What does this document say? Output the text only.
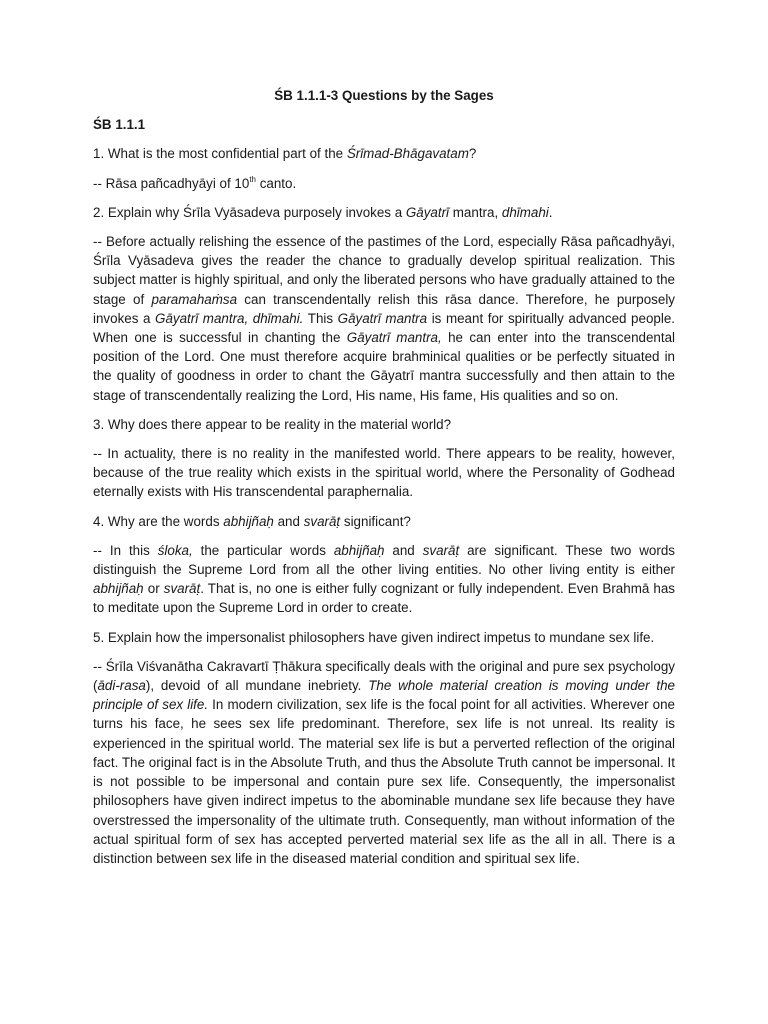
ŚB 1.1.1-3 Questions by the Sages

ŚB 1.1.1

1. What is the most confidential part of the Śrīmad-Bhāgavatam?

-- Rāsa pañcadhyāyi of 10th canto.

2. Explain why Śrīla Vyāsadeva purposely invokes a Gāyatrī mantra, dhīmahi.

-- Before actually relishing the essence of the pastimes of the Lord, especially Rāsa pañcadhyāyi, Śrīla Vyāsadeva gives the reader the chance to gradually develop spiritual realization. This subject matter is highly spiritual, and only the liberated persons who have gradually attained to the stage of paramahaṁsa can transcendentally relish this rāsa dance. Therefore, he purposely invokes a Gāyatrī mantra, dhīmahi. This Gāyatrī mantra is meant for spiritually advanced people. When one is successful in chanting the Gāyatrī mantra, he can enter into the transcendental position of the Lord. One must therefore acquire brahminical qualities or be perfectly situated in the quality of goodness in order to chant the Gāyatrī mantra successfully and then attain to the stage of transcendentally realizing the Lord, His name, His fame, His qualities and so on.

3. Why does there appear to be reality in the material world?

-- In actuality, there is no reality in the manifested world. There appears to be reality, however, because of the true reality which exists in the spiritual world, where the Personality of Godhead eternally exists with His transcendental paraphernalia.

4. Why are the words abhijñaḥ and svarāṭ significant?

-- In this śloka, the particular words abhijñaḥ and svarāṭ are significant. These two words distinguish the Supreme Lord from all the other living entities. No other living entity is either abhijñaḥ or svarāṭ. That is, no one is either fully cognizant or fully independent. Even Brahmā has to meditate upon the Supreme Lord in order to create.

5. Explain how the impersonalist philosophers have given indirect impetus to mundane sex life.

-- Śrīla Viśvanātha Cakravartī Ṭhākura specifically deals with the original and pure sex psychology (ādi-rasa), devoid of all mundane inebriety. The whole material creation is moving under the principle of sex life. In modern civilization, sex life is the focal point for all activities. Wherever one turns his face, he sees sex life predominant. Therefore, sex life is not unreal. Its reality is experienced in the spiritual world. The material sex life is but a perverted reflection of the original fact. The original fact is in the Absolute Truth, and thus the Absolute Truth cannot be impersonal. It is not possible to be impersonal and contain pure sex life. Consequently, the impersonalist philosophers have given indirect impetus to the abominable mundane sex life because they have overstressed the impersonality of the ultimate truth. Consequently, man without information of the actual spiritual form of sex has accepted perverted material sex life as the all in all. There is a distinction between sex life in the diseased material condition and spiritual sex life.
